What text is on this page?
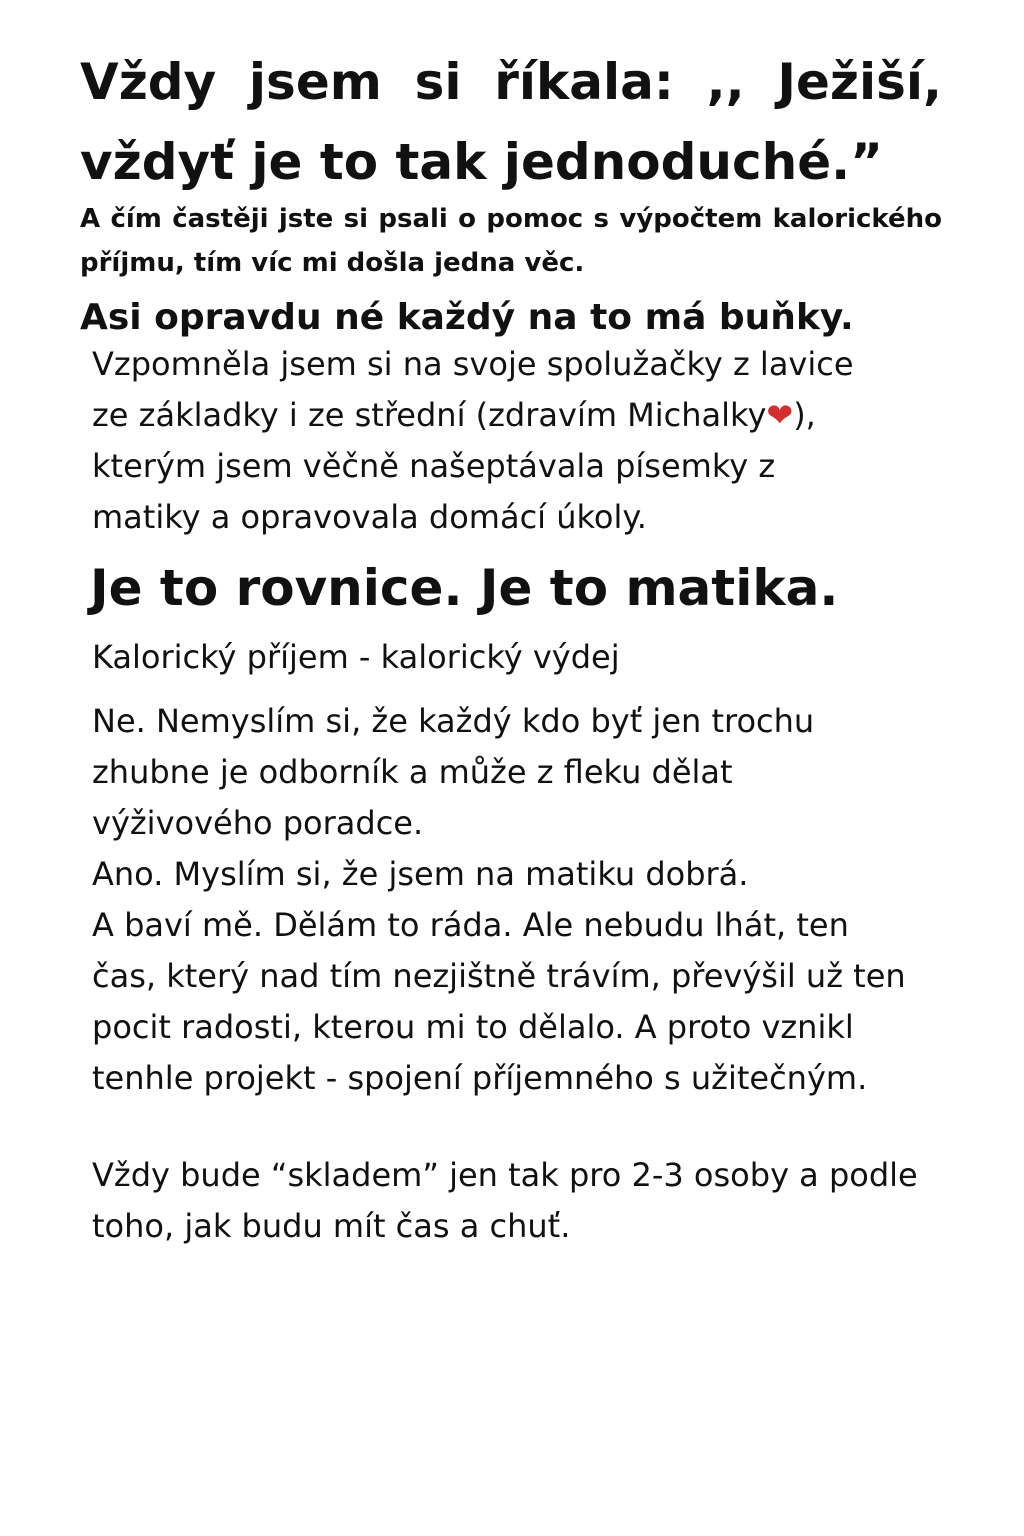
Vždy jsem si říkala: ,, Ježiší, vždyť je to tak jednoduché.”

A čím častěji jste si psali o pomoc s výpočtem kalorického příjmu, tím víc mi došla jedna věc.

Asi opravdu né každý na to má buňky.

Vzpomněla jsem si na svoje spolužačky z lavice
ze základky i ze střední (zdravím Michalky❤),
kterým jsem věčně našeptávala písemky z
matiky a opravovala domácí úkoly.
Je to rovnice. Je to matika.

Kalorický příjem - kalorický výdej

Ne. Nemyslím si, že každý kdo byť jen trochu
zhubne je odborník a může z fleku dělat
výživového poradce.
Ano. Myslím si, že jsem na matiku dobrá.
A baví mě. Dělám to ráda. Ale nebudu lhát, ten
čas, který nad tím nezjištně trávím, převýšil už ten
pocit radosti, kterou mi to dělalo. A proto vznikl
tenhle projekt - spojení příjemného s užitečným.
Vždy bude “skladem” jen tak pro 2-3 osoby a podle
toho, jak budu mít čas a chuť.
